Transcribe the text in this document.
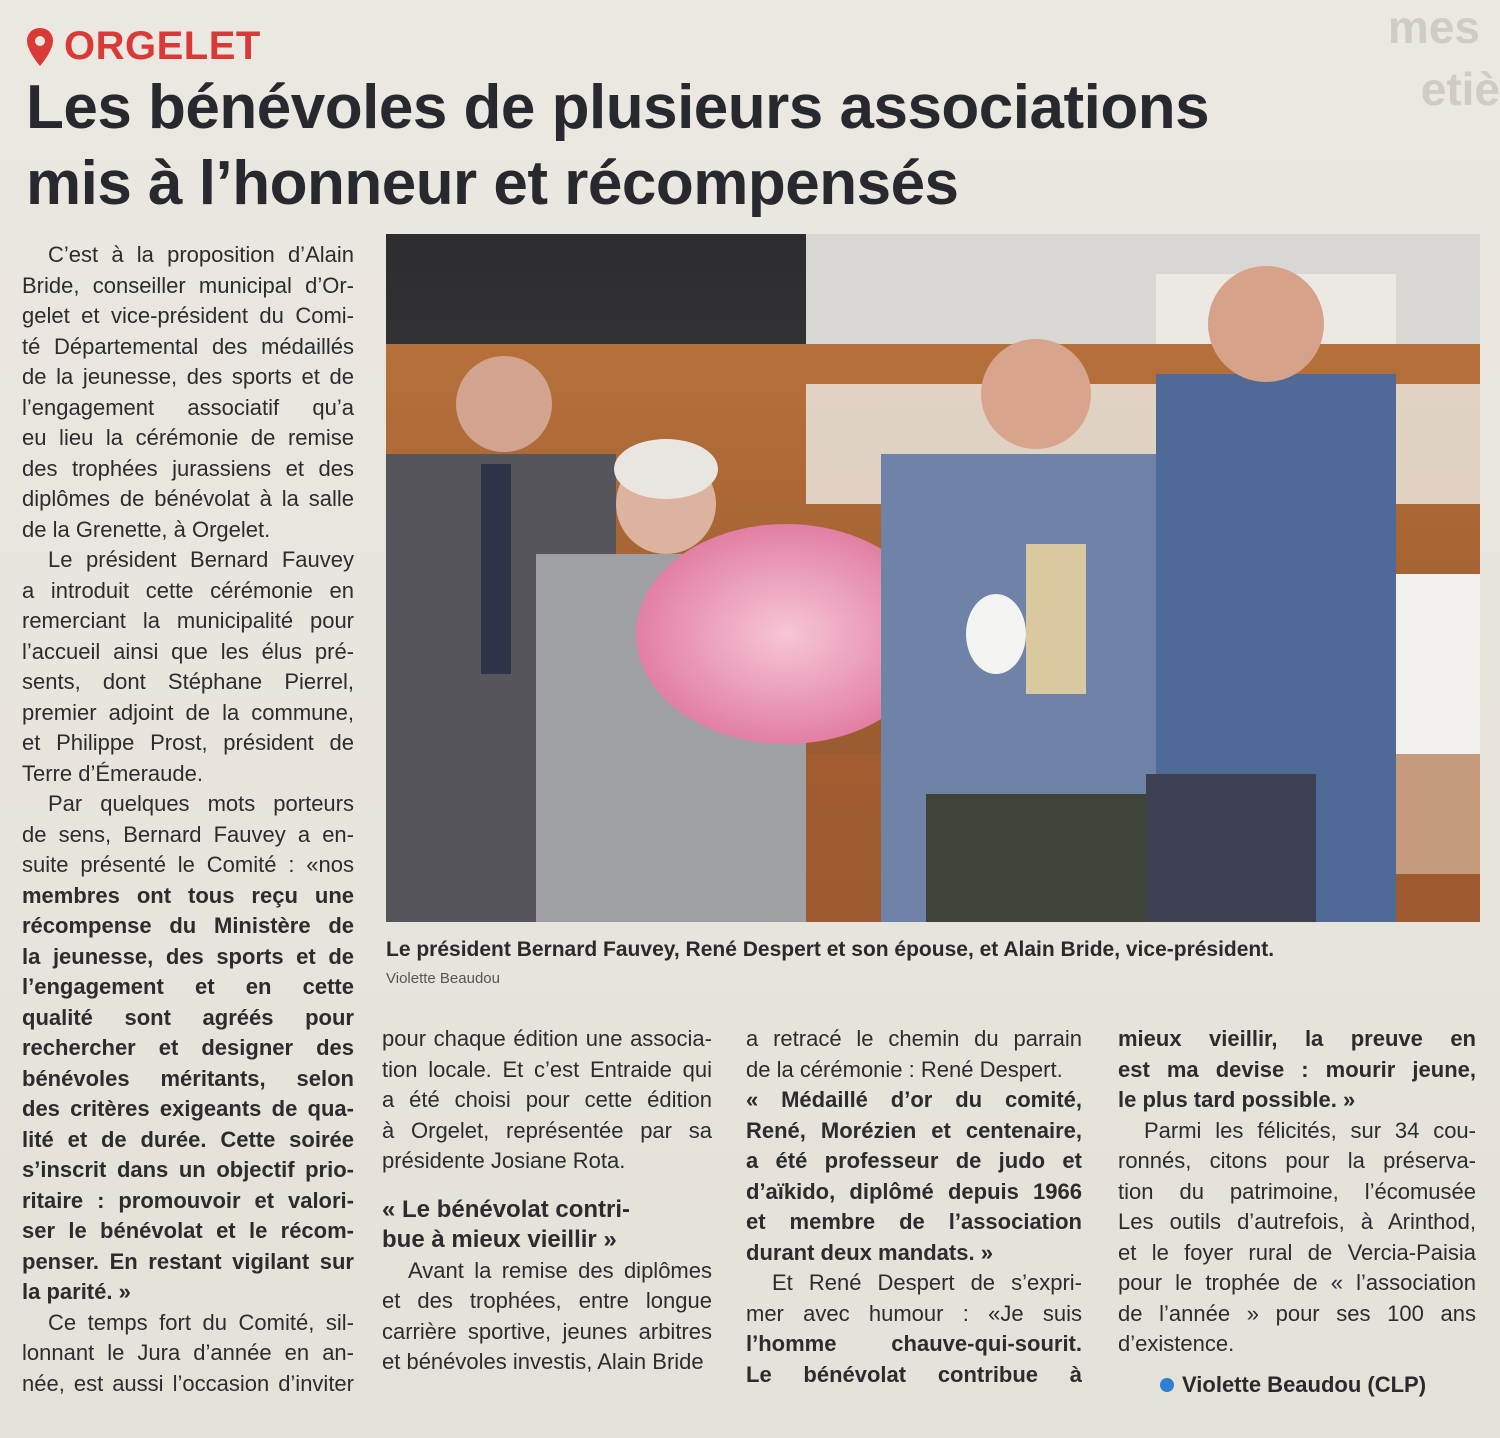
mes
etiè
ORGELET
Les bénévoles de plusieurs associations
mis à l’honneur et récompensés
C’est à la proposition d’Alain
Bride, conseiller municipal d’Or-
gelet et vice-président du Comi-
té Départemental des médaillés
de la jeunesse, des sports et de
l’engagement associatif qu’a
eu lieu la cérémonie de remise
des trophées jurassiens et des
diplômes de bénévolat à la salle
de la Grenette, à Orgelet.
Le président Bernard Fauvey
a introduit cette cérémonie en
remerciant la municipalité pour
l’accueil ainsi que les élus pré-
sents, dont Stéphane Pierrel,
premier adjoint de la commune,
et Philippe Prost, président de
Terre d’Émeraude.
Par quelques mots porteurs
de sens, Bernard Fauvey a en-
suite présenté le Comité : «nos
membres ont tous reçu une
récompense du Ministère de
la jeunesse, des sports et de
l’engagement et en cette
qualité sont agréés pour
rechercher et designer des
bénévoles méritants, selon
des critères exigeants de qua-
lité et de durée. Cette soirée
s’inscrit dans un objectif prio-
ritaire : promouvoir et valori-
ser le bénévolat et le récom-
penser. En restant vigilant sur
la parité. »
Ce temps fort du Comité, sil-
lonnant le Jura d’année en an-
née, est aussi l’occasion d’inviter
Le président Bernard Fauvey, René Despert et son épouse, et Alain Bride, vice-président.
Violette Beaudou
pour chaque édition une associa-
tion locale. Et c’est Entraide qui
a été choisi pour cette édition
à Orgelet, représentée par sa
présidente Josiane Rota.
« Le bénévolat contri-
bue à mieux vieillir »
Avant la remise des diplômes
et des trophées, entre longue
carrière sportive, jeunes arbitres
et bénévoles investis, Alain Bride
a retracé le chemin du parrain
de la cérémonie : René Despert.
« Médaillé d’or du comité,
René, Morézien et centenaire,
a été professeur de judo et
d’aïkido, diplômé depuis 1966
et membre de l’association
durant deux mandats. »
Et René Despert de s’expri-
mer avec humour : «Je suis
l’homme chauve-qui-sourit.
Le bénévolat contribue à
mieux vieillir, la preuve en
est ma devise : mourir jeune,
le plus tard possible. »
Parmi les félicités, sur 34 cou-
ronnés, citons pour la préserva-
tion du patrimoine, l’écomusée
Les outils d’autrefois, à Arinthod,
et le foyer rural de Vercia-Paisia
pour le trophée de « l’association
de l’année » pour ses 100 ans
d’existence.
Violette Beaudou (CLP)
